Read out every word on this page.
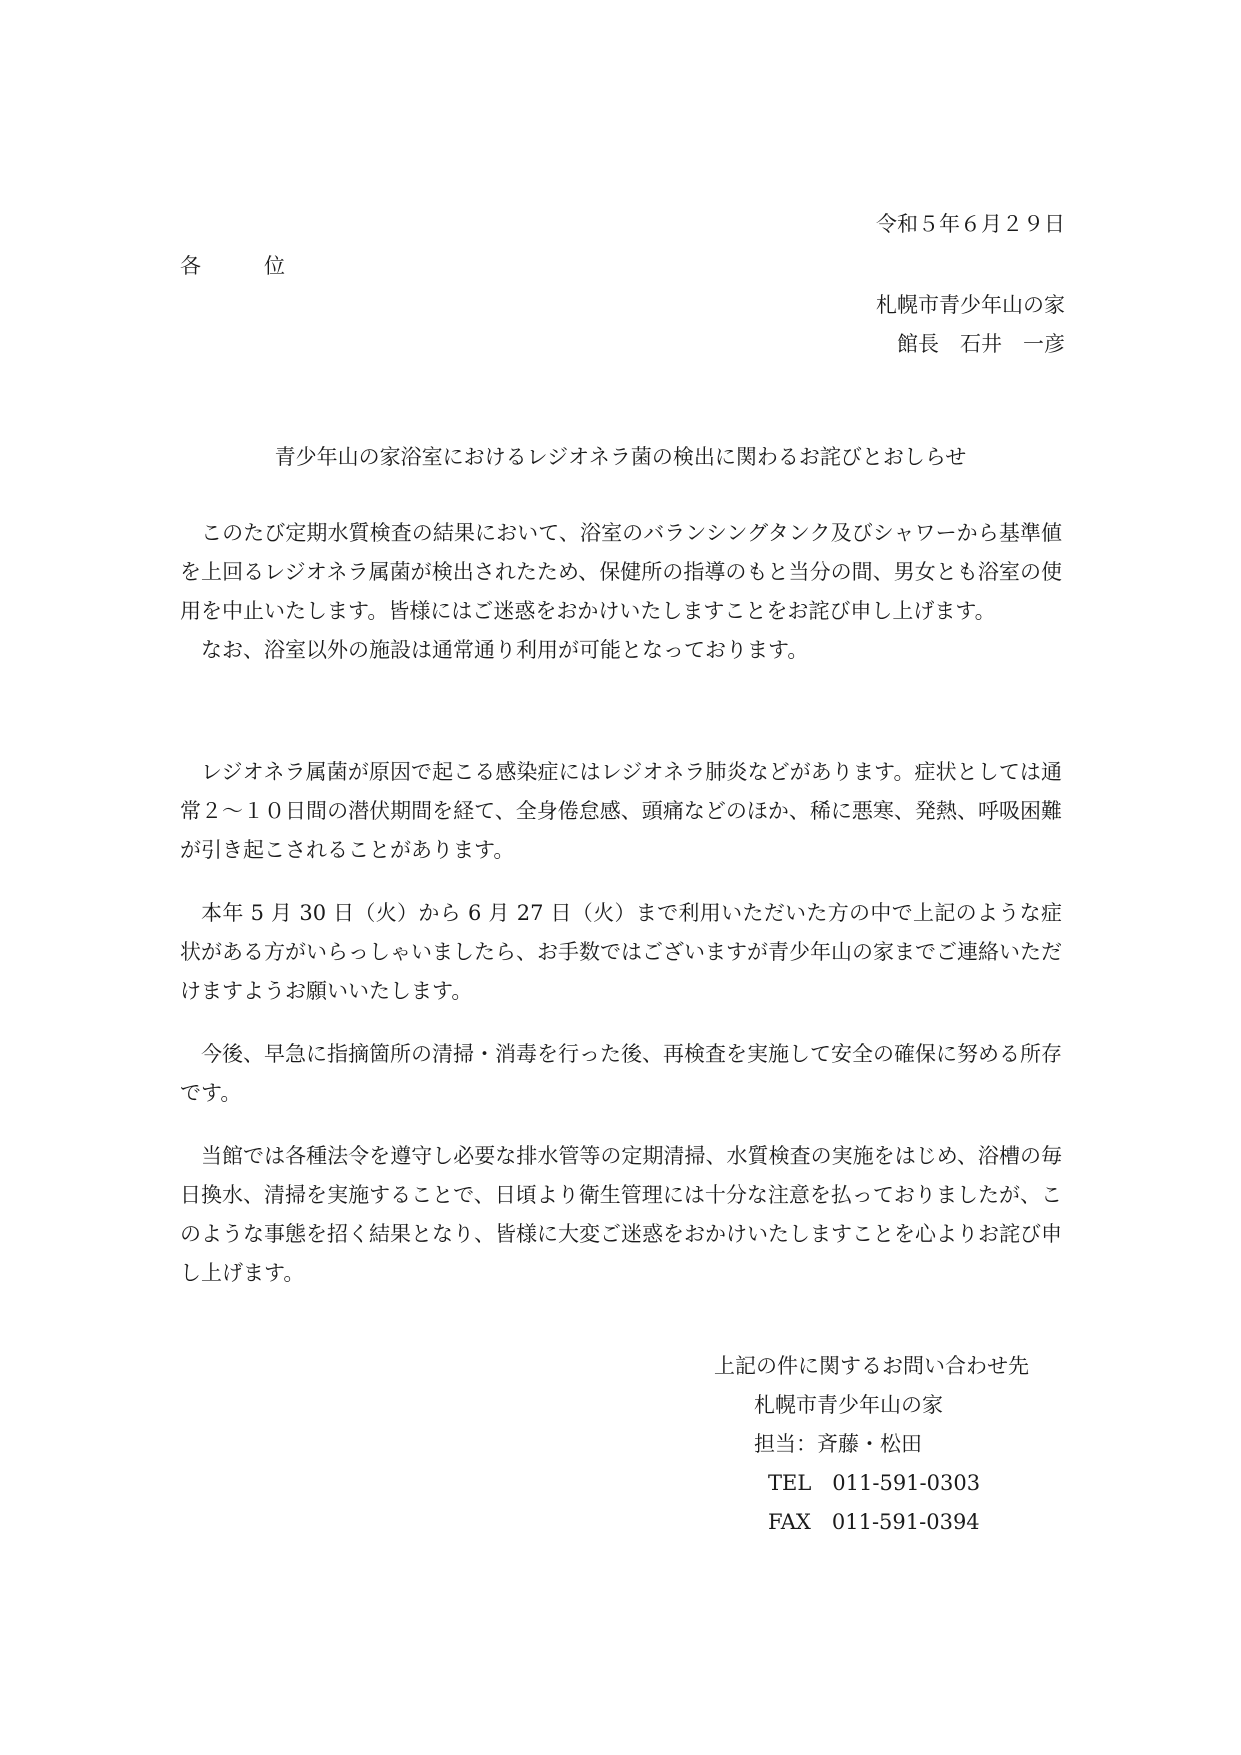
令和５年６月２９日
各　　　位
札幌市青少年山の家
館長　石井　一彦
青少年山の家浴室におけるレジオネラ菌の検出に関わるお詫びとおしらせ

このたび定期水質検査の結果において、浴室のバランシングタンク及びシャワーから基準値を上回るレジオネラ属菌が検出されたため、保健所の指導のもと当分の間、男女とも浴室の使用を中止いたします。皆様にはご迷惑をおかけいたしますことをお詫び申し上げます。

なお、浴室以外の施設は通常通り利用が可能となっております。

レジオネラ属菌が原因で起こる感染症にはレジオネラ肺炎などがあります。症状としては通常２～１０日間の潜伏期間を経て、全身倦怠感、頭痛などのほか、稀に悪寒、発熱、呼吸困難が引き起こされることがあります。

本年 5 月 30 日（火）から 6 月 27 日（火）まで利用いただいた方の中で上記のような症状がある方がいらっしゃいましたら、お手数ではございますが青少年山の家までご連絡いただけますようお願いいたします。

今後、早急に指摘箇所の清掃・消毒を行った後、再検査を実施して安全の確保に努める所存です。

当館では各種法令を遵守し必要な排水管等の定期清掃、水質検査の実施をはじめ、浴槽の毎日換水、清掃を実施することで、日頃より衛生管理には十分な注意を払っておりましたが、このような事態を招く結果となり、皆様に大変ご迷惑をおかけいたしますことを心よりお詫び申し上げます。

上記の件に関するお問い合わせ先
札幌市青少年山の家
担当：斉藤・松田
TEL　011-591-0303
FAX　011-591-0394
